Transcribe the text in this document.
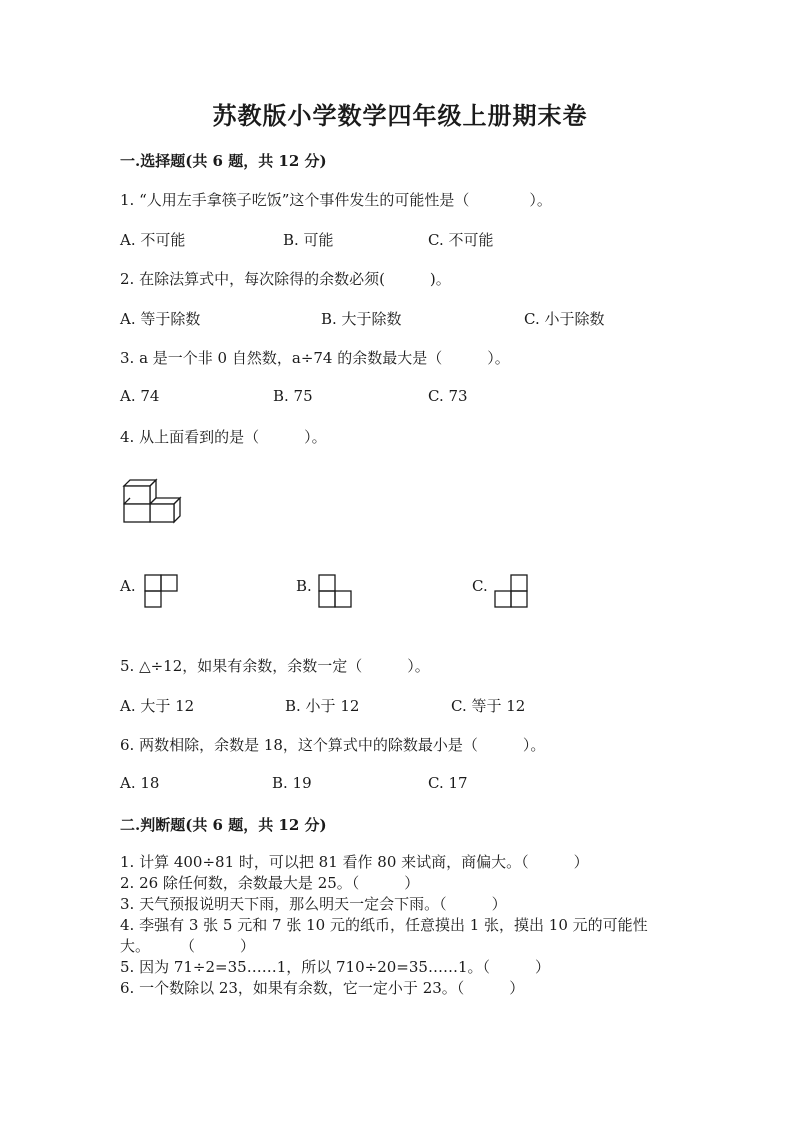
苏教版小学数学四年级上册期末卷
一.选择题(共 6 题，共 12 分)
1. “人用左手拿筷子吃饭”这个事件发生的可能性是（　　　　）。
A. 不可能	B. 可能	C. 不可能
2. 在除法算式中，每次除得的余数必须(　　　)。
A. 等于除数	B. 大于除数	C. 小于除数
3. a 是一个非 0 自然数，a÷74 的余数最大是（　　　）。
A. 74	B. 75	C. 73
4. 从上面看到的是（　　　）。
A.	B.	C.
5. △÷12，如果有余数，余数一定（　　　）。
A. 大于 12	B. 小于 12	C. 等于 12
6. 两数相除，余数是 18，这个算式中的除数最小是（　　　）。
A. 18	B. 19	C. 17
二.判断题(共 6 题，共 12 分)
1. 计算 400÷81 时，可以把 81 看作 80 来试商，商偏大。（　　　）
2. 26 除任何数，余数最大是 25。（　　　）
3. 天气预报说明天下雨，那么明天一定会下雨。（　　　）
4. 李强有 3 张 5 元和 7 张 10 元的纸币，任意摸出 1 张，摸出 10 元的可能性
大。　　　（　　　）
5. 因为 71÷2=35……1，所以 710÷20=35……1。（　　　）
6. 一个数除以 23，如果有余数，它一定小于 23。（　　　）
